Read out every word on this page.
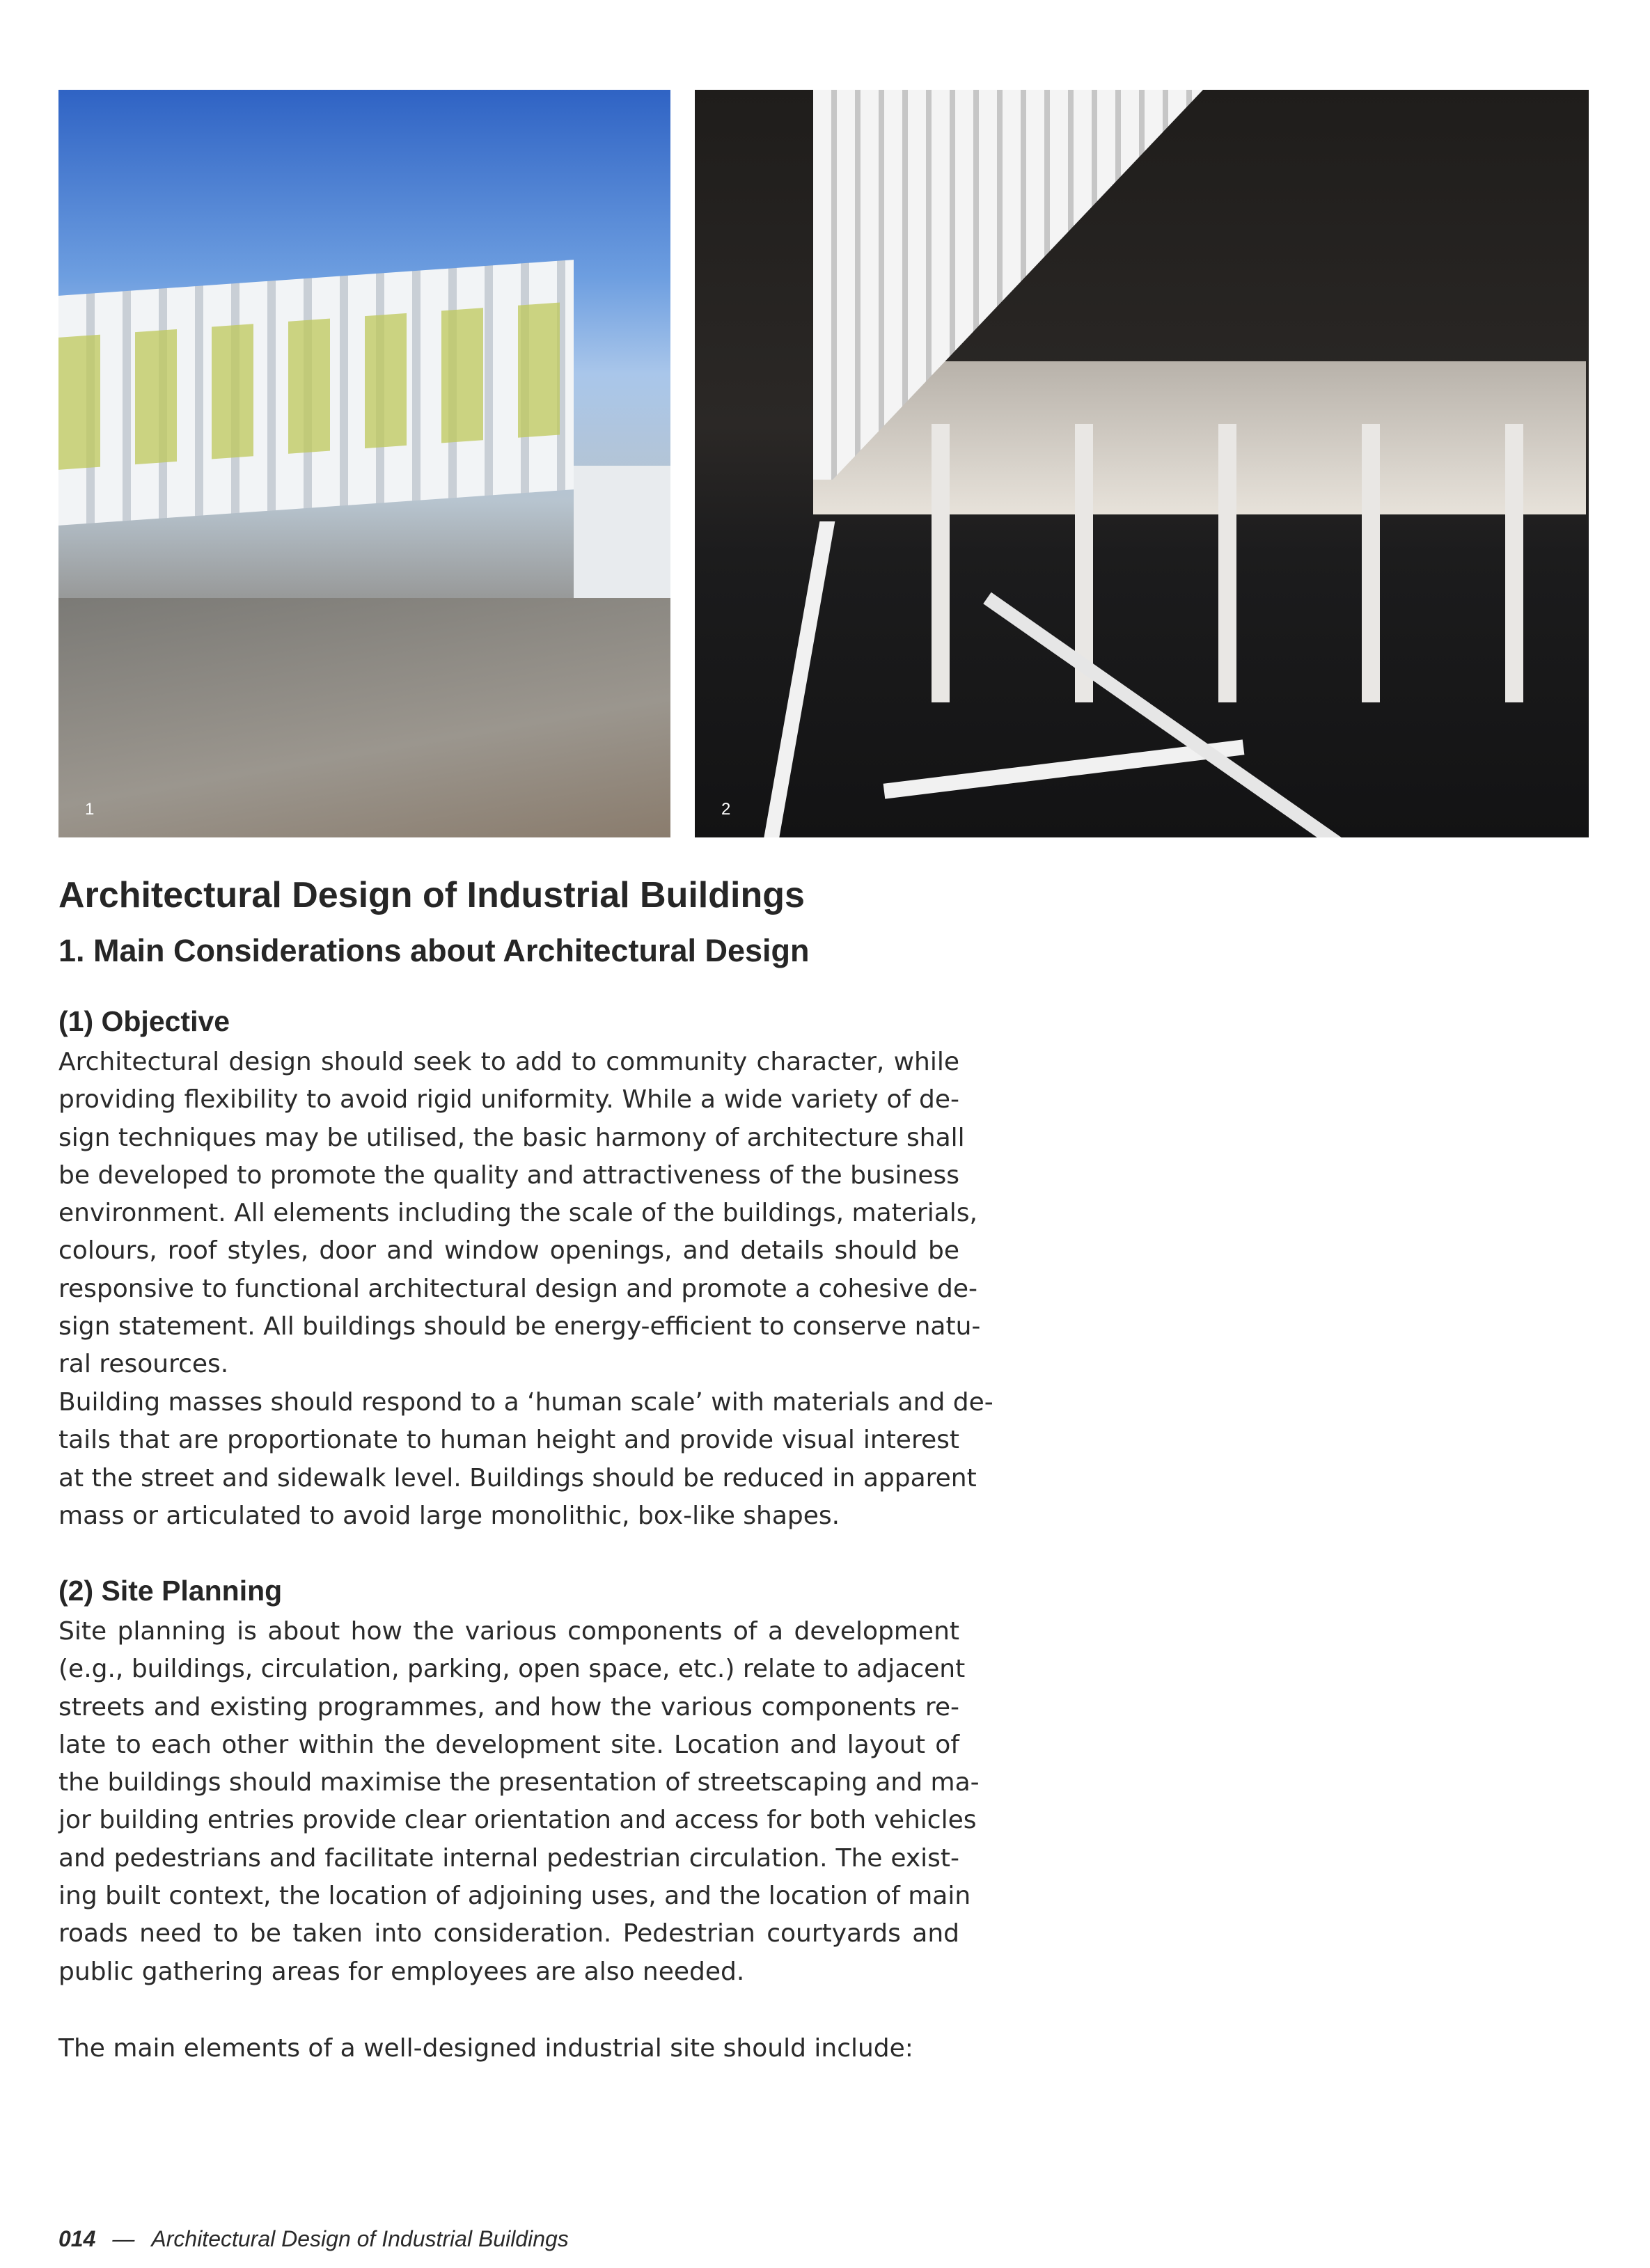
1	2
Architectural Design of Industrial Buildings
1. Main Considerations about Architectural Design
(1) Objective
Architectural design should seek to add to community character, while
providing flexibility to avoid rigid uniformity. While a wide variety of de-
sign techniques may be utilised, the basic harmony of architecture shall
be developed to promote the quality and attractiveness of the business
environment. All elements including the scale of the buildings, materials,
colours, roof styles, door and window openings, and details should be
responsive to functional architectural design and promote a cohesive de-
sign statement. All buildings should be energy-efficient to conserve natu-
ral resources.
Building masses should respond to a ‘human scale’ with materials and de-
tails that are proportionate to human height and provide visual interest
at the street and sidewalk level. Buildings should be reduced in apparent
mass or articulated to avoid large monolithic, box-like shapes.
(2) Site Planning
Site planning is about how the various components of a development
(e.g., buildings, circulation, parking, open space, etc.) relate to adjacent
streets and existing programmes, and how the various components re-
late to each other within the development site. Location and layout of
the buildings should maximise the presentation of streetscaping and ma-
jor building entries provide clear orientation and access for both vehicles
and pedestrians and facilitate internal pedestrian circulation. The exist-
ing built context, the location of adjoining uses, and the location of main
roads need to be taken into consideration. Pedestrian courtyards and
public gathering areas for employees are also needed.
The main elements of a well-designed industrial site should include:
014 — Architectural Design of Industrial Buildings
